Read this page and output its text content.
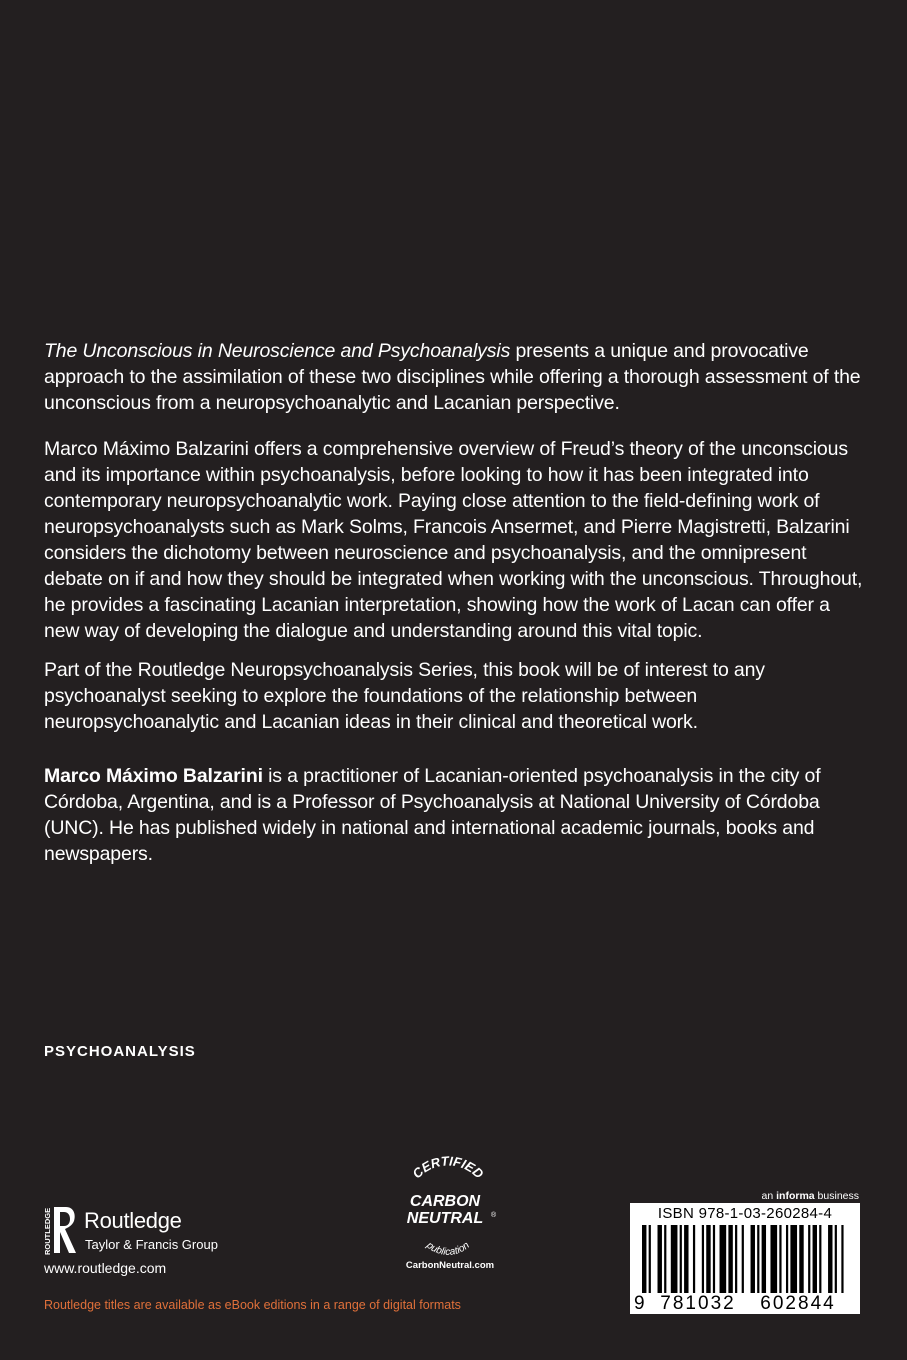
The Unconscious in Neuroscience and Psychoanalysis presents a unique and provocative approach to the assimilation of these two disciplines while offering a thorough assessment of the unconscious from a neuropsychoanalytic and Lacanian perspective.

Marco Máximo Balzarini offers a comprehensive overview of Freud’s theory of the unconscious and its importance within psychoanalysis, before looking to how it has been integrated into contemporary neuropsychoanalytic work. Paying close attention to the field-defining work of neuropsychoanalysts such as Mark Solms, Francois Ansermet, and Pierre Magistretti, Balzarini considers the dichotomy between neuroscience and psychoanalysis, and the omnipresent debate on if and how they should be integrated when working with the unconscious. Throughout, he provides a fascinating Lacanian interpretation, showing how the work of Lacan can offer a new way of developing the dialogue and understanding around this vital topic.

Part of the Routledge Neuropsychoanalysis Series, this book will be of interest to any psychoanalyst seeking to explore the foundations of the relationship between neuropsychoanalytic and Lacanian ideas in their clinical and theoretical work.

Marco Máximo Balzarini is a practitioner of Lacanian-oriented psychoanalysis in the city of Córdoba, Argentina, and is a Professor of Psychoanalysis at National University of Córdoba (UNC). He has published widely in national and international academic journals, books and newspapers.

PSYCHOANALYSIS
ROUTLEDGE Routledge
Taylor & Francis Group
www.routledge.com
Routledge titles are available as eBook editions in a range of digital formats
CERTIFIED
CARBON
NEUTRAL ®
publication
CarbonNeutral.com
an informa business
ISBN 978-1-03-260284-4
9 781032 602844
